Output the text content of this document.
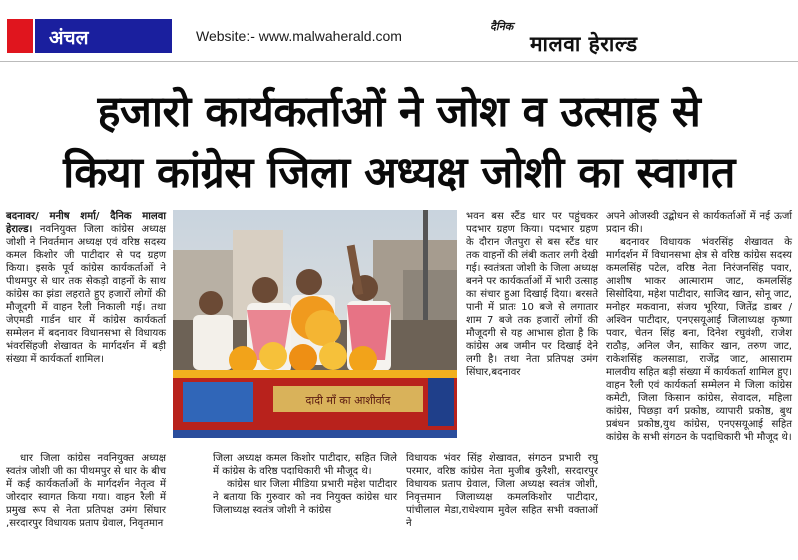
अंचल	Website:- www.malwaherald.com
दैनिक
मालवा हेराल्ड
हजारो कार्यकर्ताओं ने जोश व उत्साह से
किया कांग्रेस जिला अध्यक्ष जोशी का स्वागत
दादी माँ का आशीर्वाद

बदनावर/ मनीष शर्मा/ दैनिक मालवा हेराल्ड। नवनियुक्त जिला कांग्रेस अध्यक्ष जोशी ने निवर्तमान अध्यक्ष एवं वरिष्ठ सदस्य कमल किशोर जी पाटीदार से पद ग्रहण किया। इसके पूर्व कांग्रेस कार्यकर्ताओं ने पीथमपुर से धार तक सेकड़ो वाहनों के साथ कांग्रेस का झंडा लहराते हुए हजारों लोगों की मौजूदगी में वाहन रैली निकाली गई। तथा जेएमडी गार्डन धार में कांग्रेस कार्यकर्ता सम्मेलन में बदनावर विधानसभा से विधायक भंवरसिंहजी शेखावत के मार्गदर्शन में बड़ी संख्या में कार्यकर्ता शामिल।

धार जिला कांग्रेस नवनियुक्त अध्यक्ष स्वतंत्र जोशी जी का पीथमपुर से धार के बीच में कई कार्यकर्ताओं के मार्गदर्शन नेतृत्व में जोरदार स्वागत किया गया। वाहन रैली में प्रमुख रूप से नेता प्रतिपक्ष उमंग सिंघार ,सरदारपुर विधायक प्रताप ग्रेवाल, निवृतमान

जिला अध्यक्ष कमल किशोर पाटीदार, सहित जिले में कांग्रेस के वरिष्ठ पदाधिकारी भी मौजूद थे।

कांग्रेस धार जिला मीडिया प्रभारी महेश पाटीदार ने बताया कि गुरुवार को नव नियुक्त कांग्रेस धार जिलाध्यक्ष स्वतंत्र जोशी ने कांग्रेस

भवन बस स्टैंड धार पर पहुंचकर पदभार ग्रहण किया। पदभार ग्रहण के दौरान जैतपुरा से बस स्टैंड धार तक वाहनों की लंबी कतार लगी देखी गई। स्वतंत्रता जोशी के जिला अध्यक्ष बनने पर कार्यकर्ताओं में भारी उत्साह का संचार हुआ दिखाई दिया। बरसते पानी में प्रातः 10 बजे से लगातार शाम 7 बजे तक हजारों लोगों की मौजूदगी से यह आभास होता है कि कांग्रेस अब जमीन पर दिखाई देने लगी है। तथा नेता प्रतिपक्ष उमंग सिंघार,बदनावर

विधायक भंवर सिंह शेखावत, संगठन प्रभारी रघु परमार, वरिष्ठ कांग्रेस नेता मुजीब कुरैशी, सरदारपुर विधायक प्रताप ग्रेवाल, जिला अध्यक्ष स्वतंत्र जोशी, निवृत्तमान जिलाध्यक्ष कमलकिशोर पाटीदार, पांचीलाल मेडा,राधेश्याम मुवेल सहित सभी वक्ताओं ने

अपने ओजस्वी उद्बोधन से कार्यकर्ताओं में नई ऊर्जा प्रदान की।

बदनावर विधायक भंवरसिंह शेखावत के मार्गदर्शन में विधानसभा क्षेत्र से वरिष्ठ कांग्रेस सदस्य कमलसिंह पटेल, वरिष्ठ नेता निरंजनसिंह पवार, आशीष भाकर आत्माराम जाट, कमलसिंह सिसोदिया, महेश पाटीदार, साजिद खान, सोनू जाट, मनोहर मकवाना, संजय भूरिया, जितेंद्र डाबर / अश्विन पाटीदार, एनएसयूआई जिलाध्यक्ष कृष्णा पवार, चेतन सिंह बना, दिनेश रघुवंशी, राजेश राठौड़, अनिल जैन, साकिर खान, तरुण जाट, राकेशसिंह कलसाडा, राजेंद्र जाट, आसाराम मालवीय सहित बड़ी संख्या में कार्यकर्ता शामिल हुए। वाहन रैली एवं कार्यकर्ता सम्मेलन मे जिला कांग्रेस कमेटी, जिला किसान कांग्रेस, सेवादल, महिला कांग्रेस, पिछड़ा वर्ग प्रकोष्ठ, व्यापारी प्रकोष्ठ, बुथ प्रबंधन प्रकोष्ठ,युथ कांग्रेस, एनएसयूआई सहित कांग्रेस के सभी संगठन के पदाधिकारी भी मौजूद थे।
